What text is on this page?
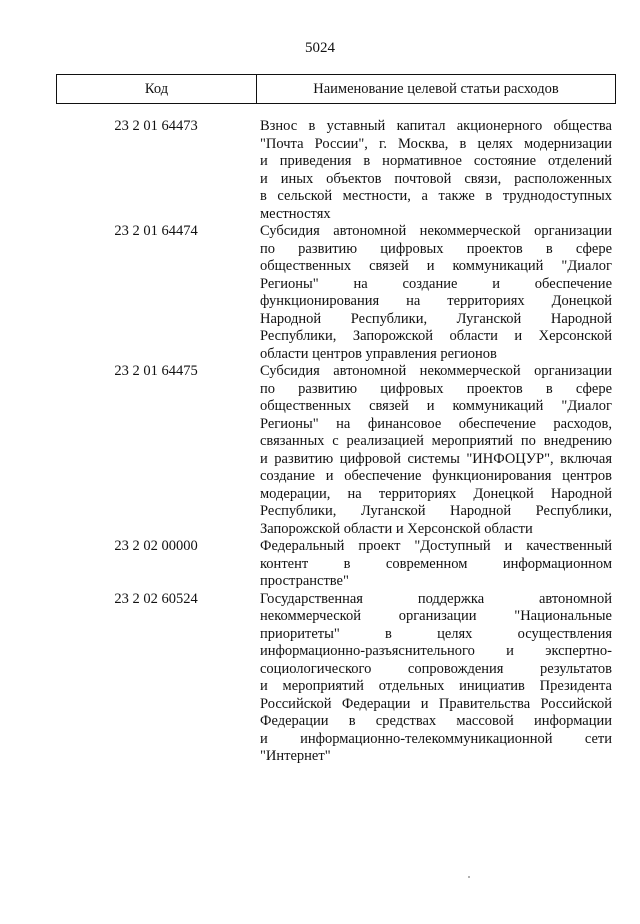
5024
Код	Наименование целевой статьи расходов
23 2 01 64473	Взнос в уставный капитал акционерного общества
"Почта России", г. Москва, в целях модернизации
и приведения в нормативное состояние отделений
и иных объектов почтовой связи, расположенных
в сельской местности, а также в труднодоступных
местностях
23 2 01 64474	Субсидия автономной некоммерческой организации
по развитию цифровых проектов в сфере
общественных связей и коммуникаций "Диалог
Регионы" на создание и обеспечение
функционирования на территориях Донецкой
Народной Республики, Луганской Народной
Республики, Запорожской области и Херсонской
области центров управления регионов
23 2 01 64475	Субсидия автономной некоммерческой организации
по развитию цифровых проектов в сфере
общественных связей и коммуникаций "Диалог
Регионы" на финансовое обеспечение расходов,
связанных с реализацией мероприятий по внедрению
и развитию цифровой системы "ИНФОЦУР", включая
создание и обеспечение функционирования центров
модерации, на территориях Донецкой Народной
Республики, Луганской Народной Республики,
Запорожской области и Херсонской области
23 2 02 00000	Федеральный проект "Доступный и качественный
контент в современном информационном
пространстве"
23 2 02 60524	Государственная поддержка автономной
некоммерческой организации "Национальные
приоритеты" в целях осуществления
информационно-разъяснительного и экспертно-
социологического сопровождения результатов
и мероприятий отдельных инициатив Президента
Российской Федерации и Правительства Российской
Федерации в средствах массовой информации
и информационно-телекоммуникационной сети
"Интернет"
